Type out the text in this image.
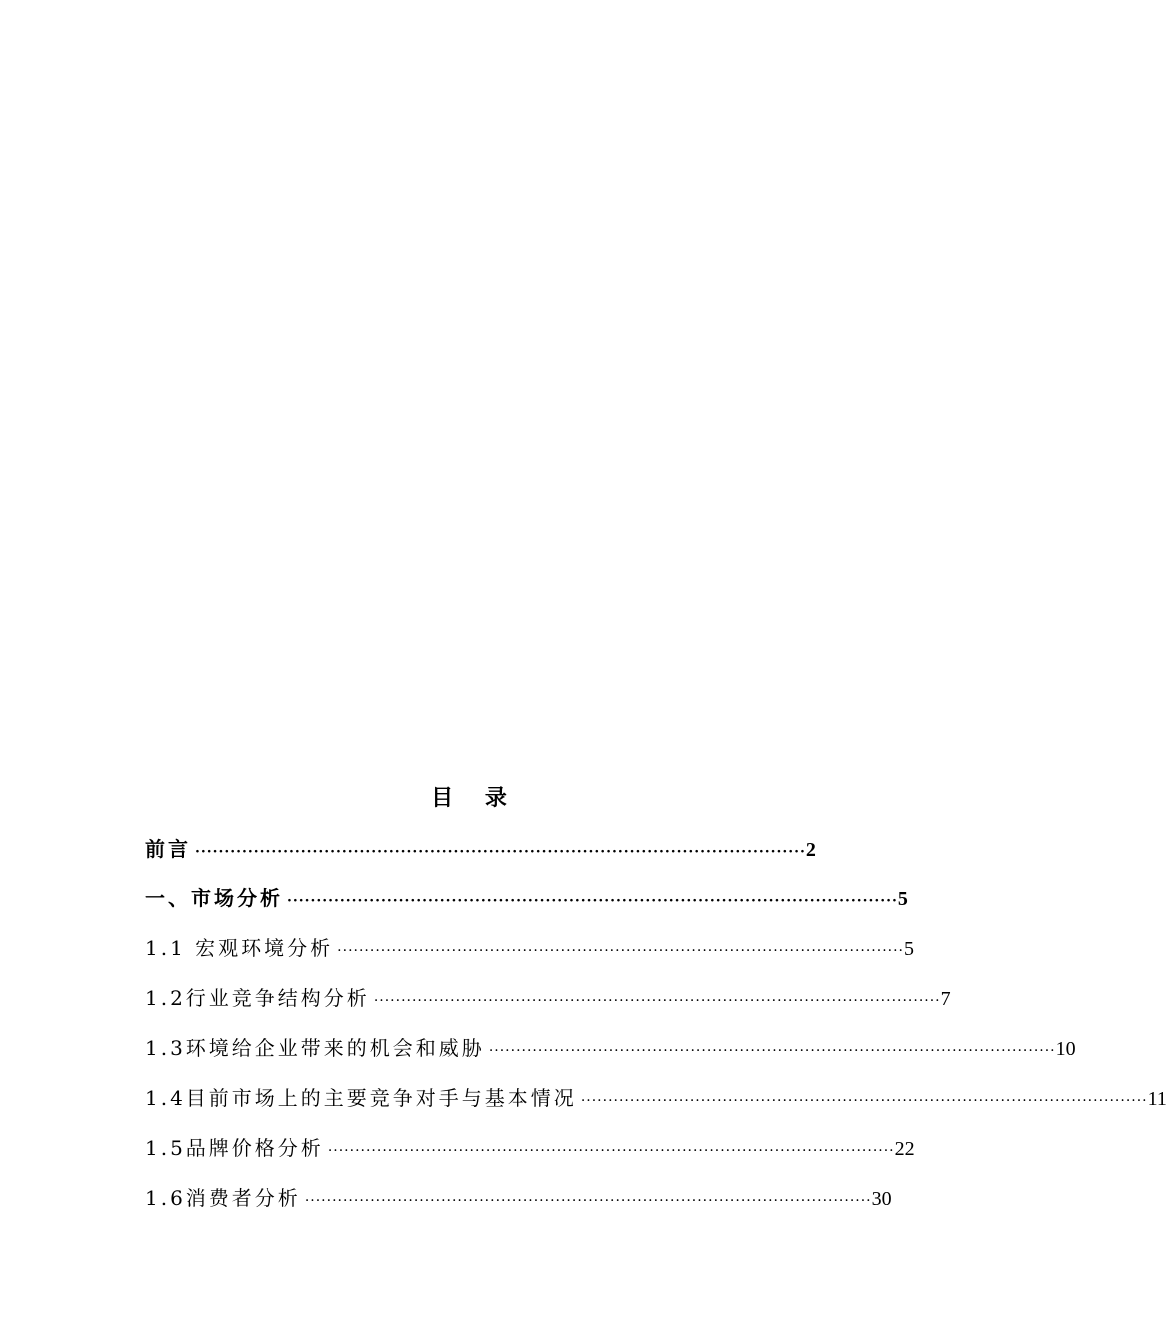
目 录
前言 ········································································································ 2
一、市场分析 ········································································································ 5
1.1 宏观环境分析 ········································································································ 5
1.2行业竞争结构分析 ········································································································ 7
1.3环境给企业带来的机会和威胁 ········································································································ 10
1.4目前市场上的主要竞争对手与基本情况 ········································································································ 11
1.5品牌价格分析 ········································································································ 22
1.6消费者分析 ········································································································ 30
